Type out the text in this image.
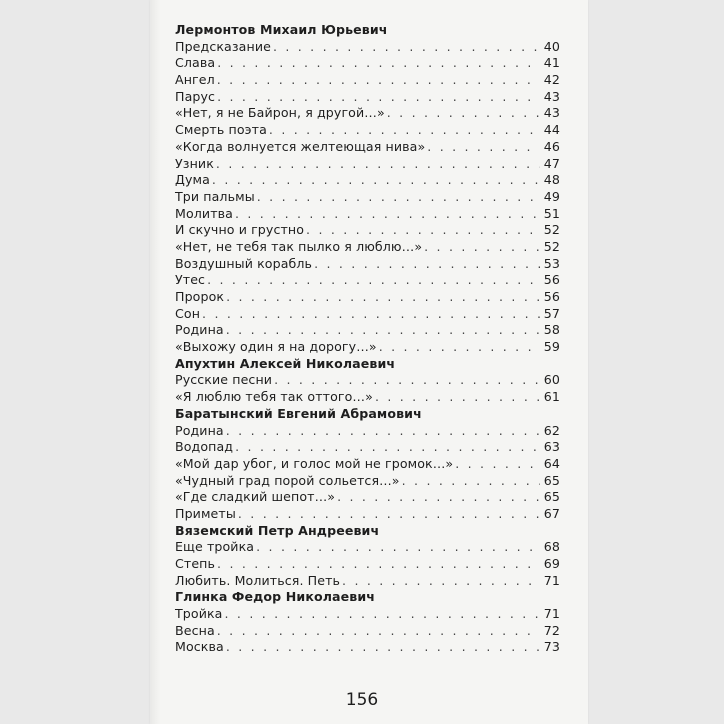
Лермонтов Михаил Юрьевич
Предсказание . . .	40
Слава . . .	41
Ангел . . .	42
Парус . . .	43
«Нет, я не Байрон, я другой…» . . .	43
Смерть поэта . . .	44
«Когда волнуется желтеющая нива» . . .	46
Узник . . .	47
Дума . . .	48
Три пальмы . . .	49
Молитва . . .	51
И скучно и грустно . . .	52
«Нет, не тебя так пылко я люблю…» . . .	52
Воздушный корабль . . .	53
Утес . . .	56
Пророк . . .	56
Сон . . .	57
Родина . . .	58
«Выхожу один я на дорогу…» . . .	59
Апухтин Алексей Николаевич
Русские песни . . .	60
«Я люблю тебя так оттого…» . . .	61
Баратынский Евгений Абрамович
Родина . . .	62
Водопад . . .	63
«Мой дар убог, и голос мой не громок…» . . .	64
«Чудный град порой сольется…» . . .	65
«Где сладкий шепот…» . . .	65
Приметы . . .	67
Вяземский Петр Андреевич
Еще тройка . . .	68
Степь . . .	69
Любить. Молиться. Петь . . .	71
Глинка Федор Николаевич
Тройка . . .	71
Весна . . .	72
Москва . . .	73
156
